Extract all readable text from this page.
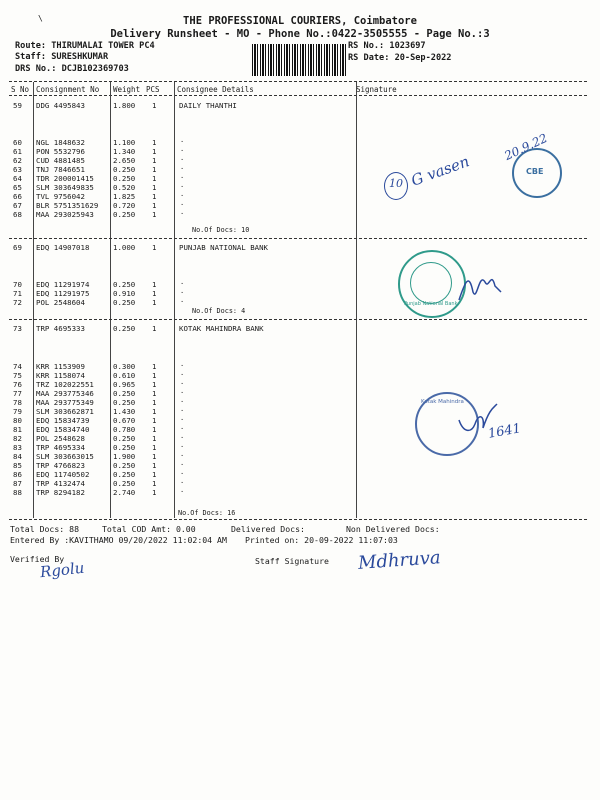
\	THE PROFESSIONAL COURIERS, Coimbatore
Delivery Runsheet - MO - Phone No.:0422-3505555 - Page No.:3
Route: THIRUMALAI TOWER PC4
Staff: SURESHKUMAR
DRS No.: DCJB102369703
RS No.: 1023697
RS Date: 20-Sep-2022
S No Consignment No Weight PCS Consignee Details	Signature
59 DDG 4495843	1.800 1	DAILY THANTHI
60 NGL 1848632	1.100 1
61 PON 5532796	1.340 1
62 CUD 4881485	2.650 1
63 TNJ 7846651	0.250 1
64 TDR 200001415	0.250 1
65 SLM 303649835	0.520 1
66 TVL 9756042	1.825 1
67 BLR 5751351629 0.720 1
68 MAA 293025943	0.250 1
.
.
.
.
.
.
.
.
.
No.Of Docs: 10
69 EDQ 14907018	1.000 1	PUNJAB NATIONAL BANK
70 EDQ 11291974	0.250 1
71 EDQ 11291975	0.910 1
72 POL 2548604	0.250 1
.
.
.
No.Of Docs: 4
73 TRP 4695333	0.250 1	KOTAK MAHINDRA BANK
74 KRR 1153909	0.300 1
75 KRR 1158074	0.610 1
76 TRZ 102022551	0.965 1
77 MAA 293775346	0.250 1
78 MAA 293775349	0.250 1
79 SLM 303662871	1.430 1
80 EDQ 15834739	0.670 1
81 EDQ 15834740	0.780 1
82 POL 2548628	0.250 1
83 TRP 4695334	0.250 1
84 SLM 303663015	1.900 1
85 TRP 4766823	0.250 1
86 EDQ 11740502	0.250 1
87 TRP 4132474	0.250 1
88 TRP 8294182	2.740 1
.
.
.
.
.
.
.
.
.
.
.
.
.
.
.
No.Of Docs: 16
Total Docs: 88	Total COD Amt: 0.00	Delivered Docs:	Non Delivered Docs:
Entered By :KAVITHAMO 09/20/2022 11:02:04 AM Printed on: 20-09-2022 11:07:03
Verified By	Staff Signature
CBE
Punjab National Bank
Kotak Mahindra
10 G vasen
20.9.22
1641
Rgolu	Mdhruva
